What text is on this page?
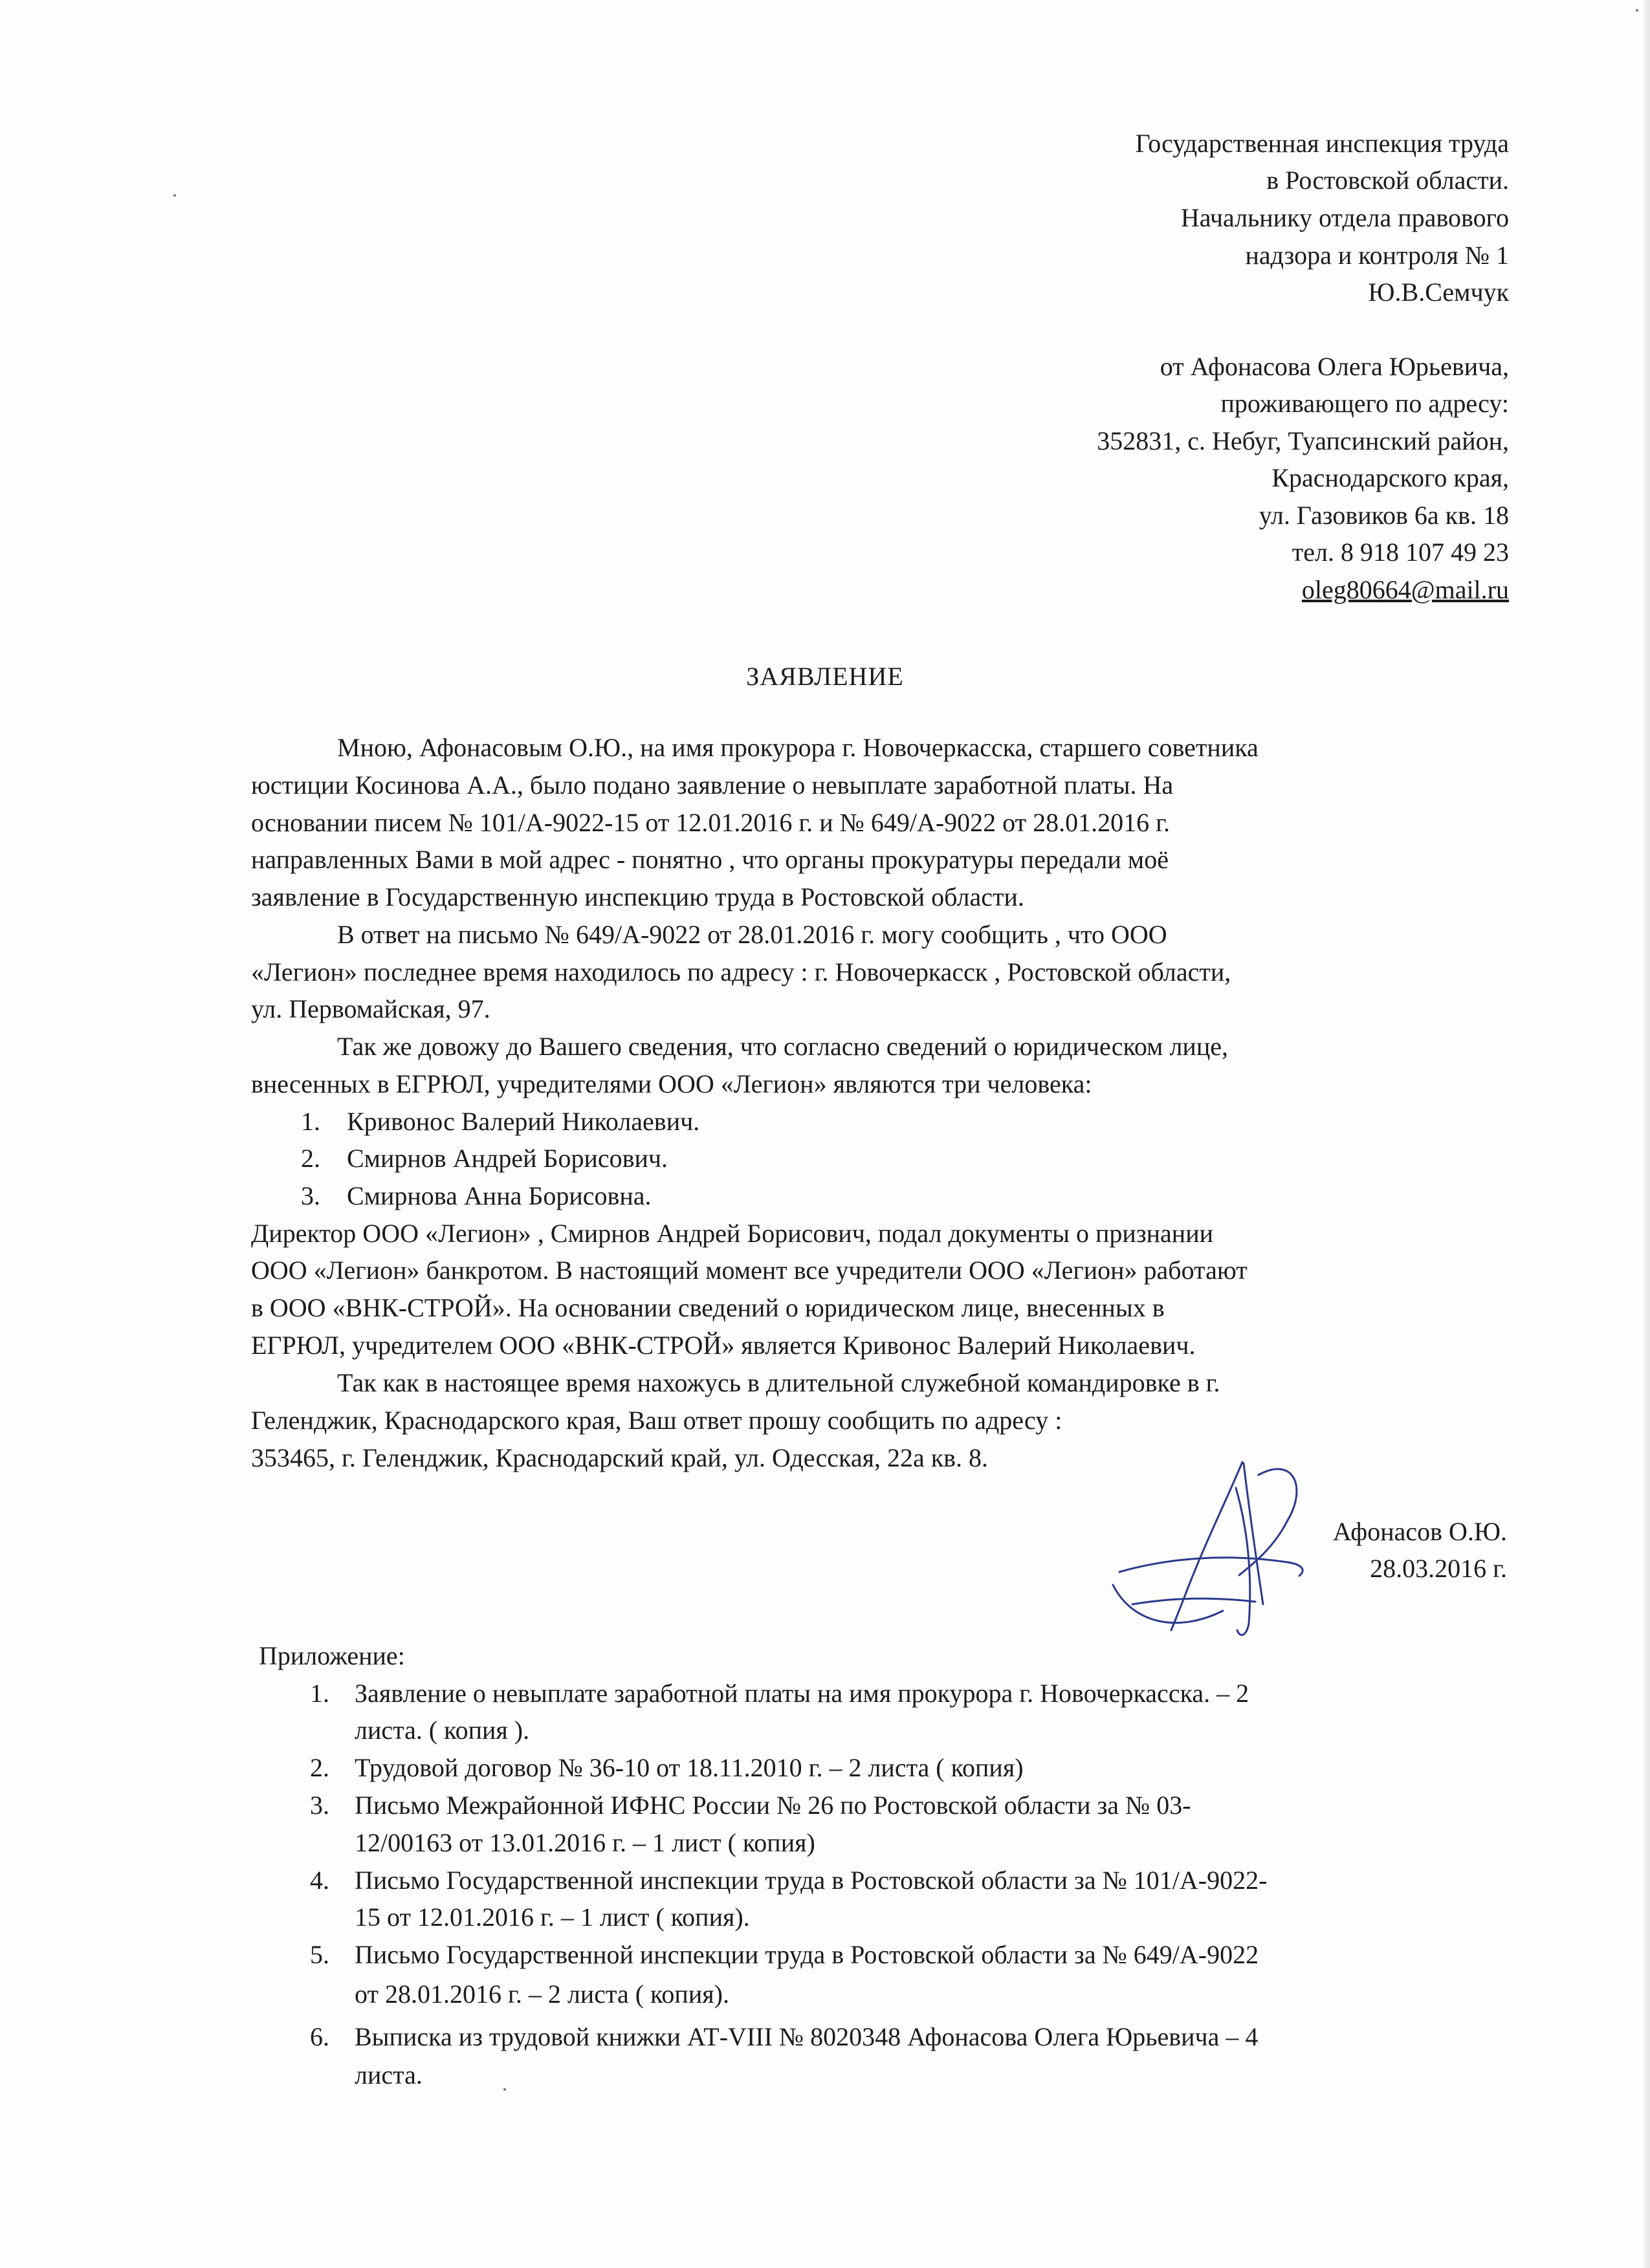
Государственная инспекция труда
в Ростовской области.
Начальнику отдела правового
надзора и контроля № 1
Ю.В.Семчук
от Афонасова Олега Юрьевича,
проживающего по адресу:
352831, с. Небуг, Туапсинский район,
Краснодарского края,
ул. Газовиков 6а кв. 18
тел. 8 918 107 49 23
oleg80664@mail.ru
ЗАЯВЛЕНИЕ
Мною, Афонасовым О.Ю., на имя прокурора г. Новочеркасска, старшего советника
юстиции Косинова А.А., было подано заявление о невыплате заработной платы. На
основании писем № 101/А-9022-15 от 12.01.2016 г. и № 649/А-9022 от 28.01.2016 г.
направленных Вами в мой адрес - понятно , что органы прокуратуры передали моё
заявление в Государственную инспекцию труда в Ростовской области.
В ответ на письмо № 649/А-9022 от 28.01.2016 г. могу сообщить , что ООО
«Легион» последнее время находилось по адресу : г. Новочеркасск , Ростовской области,
ул. Первомайская, 97.
Так же довожу до Вашего сведения, что согласно сведений о юридическом лице,
внесенных в ЕГРЮЛ, учредителями ООО «Легион» являются три человека:
1. Кривонос Валерий Николаевич.
2. Смирнов Андрей Борисович.
3. Смирнова Анна Борисовна.
Директор ООО «Легион» , Смирнов Андрей Борисович, подал документы о признании
ООО «Легион» банкротом. В настоящий момент все учредители ООО «Легион» работают
в ООО «ВНК-СТРОЙ». На основании сведений о юридическом лице, внесенных в
ЕГРЮЛ, учредителем ООО «ВНК-СТРОЙ» является Кривонос Валерий Николаевич.
Так как в настоящее время нахожусь в длительной служебной командировке в г.
Геленджик, Краснодарского края, Ваш ответ прошу сообщить по адресу :
353465, г. Геленджик, Краснодарский край, ул. Одесская, 22а кв. 8.
Афонасов О.Ю.
28.03.2016 г.
Приложение:
1. Заявление о невыплате заработной платы на имя прокурора г. Новочеркасска. – 2
листа. ( копия ).
2. Трудовой договор № 36-10 от 18.11.2010 г. – 2 листа ( копия)
3. Письмо Межрайонной ИФНС России № 26 по Ростовской области за № 03-
12/00163 от 13.01.2016 г. – 1 лист ( копия)
4. Письмо Государственной инспекции труда в Ростовской области за № 101/А-9022-
15 от 12.01.2016 г. – 1 лист ( копия).
5. Письмо Государственной инспекции труда в Ростовской области за № 649/А-9022
от 28.01.2016 г. – 2 листа ( копия).
6. Выписка из трудовой книжки АТ-VIII № 8020348 Афонасова Олега Юрьевича – 4
листа.
